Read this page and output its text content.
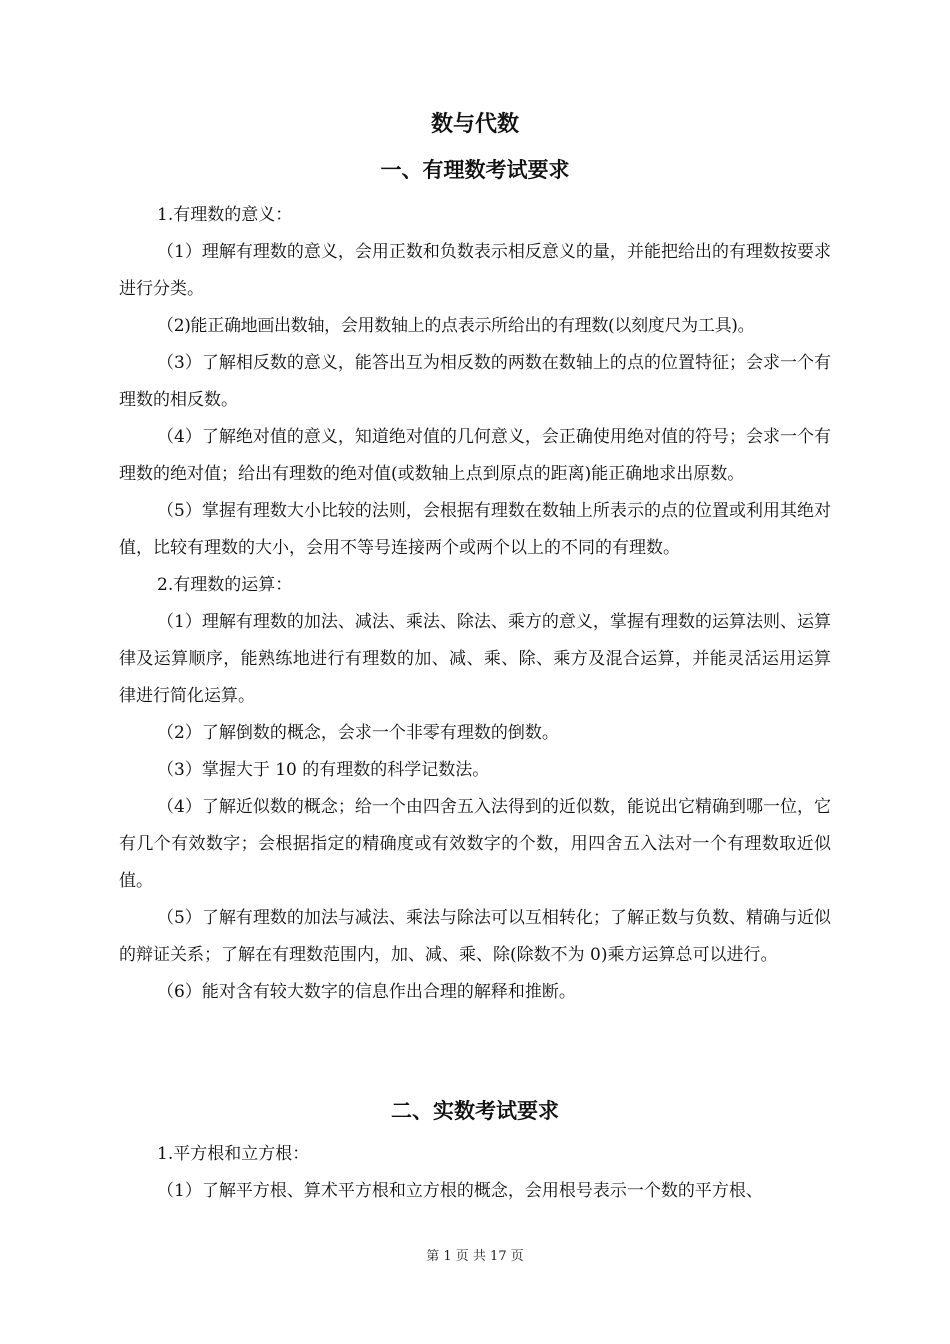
数与代数
一、有理数考试要求

1.有理数的意义：

（1）理解有理数的意义，会用正数和负数表示相反意义的量，并能把给出的有理数按要求进行分类。

（2)能正确地画出数轴，会用数轴上的点表示所给出的有理数(以刻度尺为工具)。

（3）了解相反数的意义，能答出互为相反数的两数在数轴上的点的位置特征；会求一个有理数的相反数。

（4）了解绝对值的意义，知道绝对值的几何意义，会正确使用绝对值的符号；会求一个有理数的绝对值；给出有理数的绝对值(或数轴上点到原点的距离)能正确地求出原数。

（5）掌握有理数大小比较的法则，会根据有理数在数轴上所表示的点的位置或利用其绝对值，比较有理数的大小，会用不等号连接两个或两个以上的不同的有理数。

2.有理数的运算：

（1）理解有理数的加法、减法、乘法、除法、乘方的意义，掌握有理数的运算法则、运算律及运算顺序，能熟练地进行有理数的加、减、乘、除、乘方及混合运算，并能灵活运用运算律进行简化运算。

（2）了解倒数的概念，会求一个非零有理数的倒数。

（3）掌握大于 10 的有理数的科学记数法。

（4）了解近似数的概念；给一个由四舍五入法得到的近似数，能说出它精确到哪一位，它有几个有效数字；会根据指定的精确度或有效数字的个数，用四舍五入法对一个有理数取近似值。

（5）了解有理数的加法与减法、乘法与除法可以互相转化；了解正数与负数、精确与近似的辩证关系；了解在有理数范围内，加、减、乘、除(除数不为 0)乘方运算总可以进行。

（6）能对含有较大数字的信息作出合理的解释和推断。

二、实数考试要求

1.平方根和立方根：

（1）了解平方根、算术平方根和立方根的概念，会用根号表示一个数的平方根、

第 1 页 共 17 页
